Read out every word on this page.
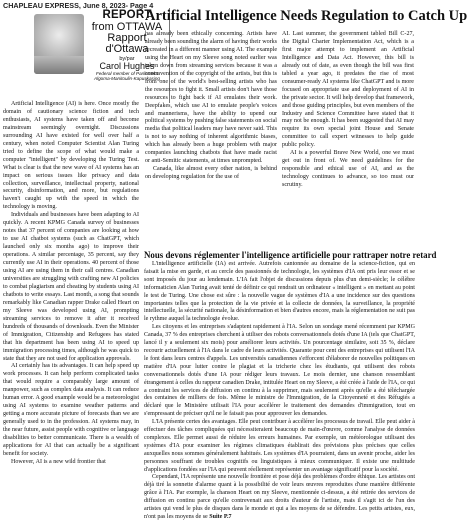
CHAPLEAU EXPRESS, June 8, 2023- Page 4
REPORT
from OTTAWA
Rapport d'Ottawa
by/par
Carol Hughes
Federal member of Parliament
Algoma-Manitoulin-Kapuskasing
Artificial Intelligence Needs Regulation to Catch Up

Artificial Intelligence (AI) is here. Once mostly the domain of cautionary science fiction and tech enthusiasts, AI systems have taken off and become mainstream seemingly overnight. Discussions surrounding AI have existed for well over half a century, when noted Computer Scientist Alan Turing tried to define the scope of what would make a computer "intelligent" by developing the Turing Test. What is clear is that the new wave of AI systems has an impact on serious issues like privacy and data collection, surveillance, intellectual property, national security, disinformation, and more, but regulations haven't caught up with the speed in which the technology is moving.

Individuals and businesses have been adapting to AI quickly. A recent KPMG Canada survey of businesses notes that 37 percent of companies are looking at how to use AI chatbot systems (such as ChatGPT, which launched only six months ago) to improve their operations. A similar percentage, 35 percent, say they currently use AI in their operations. 40 percent of those using AI are using them in their call centres. Canadian universities are struggling with crafting new AI policies to combat plagiarism and cheating by students using AI chatbots to write essays. Last month, a song that sounds remarkably like Canadian rapper Drake called Heart on my Sleeve was developed using AI, prompting streaming services to remove it after it received hundreds of thousands of downloads. Even the Minister of Immigration, Citizenship and Refugees has stated that his department has been using AI to speed up immigration processing times, although he was quick to state that they are not used for application approvals.

AI certainly has its advantages. It can help speed up work processes. It can help perform complicated tasks that would require a comparably large amount of manpower, such as complex data analysis. It can reduce human error. A good example would be a meteorologist using AI systems to examine weather patterns and getting a more accurate picture of forecasts than we are generally used to in the profession. AI systems may, in the near future, assist people with cognitive or language disabilities to better communicate. There is a wealth of applications for AI that can actually be a significant benefit for society.

However, AI is a new wild frontier that

has already been ethically concerning. Artists have already been sounding the alarm of having their works recreated in a different manner using AI. The example using the Heart on my Sleeve song noted earlier was taken down from streaming services because it was a contravention of the copyright of the artists, but this is from one of the world's best-selling artists who has the resources to fight it. Small artists don't have those resources to fight back if AI emulates their work. Deepfakes, which use AI to emulate people's voices and mannerisms, have the ability to upend our political systems by pushing false statements on social media that political leaders may have never said. This is not to say nothing of inherent algorithmic biases, which has already been a huge problem with major companies launching chatbots that have made racist or anti-Semitic statements, at times unprompted.

Canada, like almost every other nation, is behind on developing regulation for the use of

AI. Last summer, the government tabled Bill C-27, the Digital Charter Implementation Act, which is a first major attempt to implement an Artificial Intelligence and Data Act. However, this bill is already out of date, as even though the bill was first tabled a year ago, it predates the rise of most consumer-ready AI systems like ChatGPT and is more focused on appropriate use and deployment of AI in the private sector. It will help develop that framework, and those guiding principles, but even members of the Industry and Science Committee have stated that it may not be enough. It has been suggested that AI may require its own special joint House and Senate committee to call expert witnesses to help guide public policy.

AI is a powerful Brave New World, one we must get out in front of. We need guidelines for the responsible and ethical use of AI, and as the technology continues to advance, so too must our scrutiny.

Nous devons réglementer l'intelligence artificielle pour rattraper notre retard

L'intelligence artificielle (IA) est arrivée. Autrefois cantonnée au domaine de la science-fiction, qui en faisait la mise en garde, et au cercle des passionnés de technologie, les systèmes d'IA ont pris leur essor et se sont imposés du jour au lendemain. L'IA fait l'objet de discussions depuis plus d'un demi-siècle; le célèbre informaticien Alan Turing avait tenté de définir ce qui rendrait un ordinateur « intelligent » en mettant au point le test de Turing. Une chose est sûre : la nouvelle vague de systèmes d'IA a une incidence sur des questions importantes telles que la protection de la vie privée et la collecte de données, la surveillance, la propriété intellectuelle, la sécurité nationale, la désinformation et bien d'autres encore, mais la réglementation ne suit pas le rythme auquel la technologie évolue.

Les citoyens et les entreprises s'adaptent rapidement à l'IA. Selon un sondage mené récemment par KPMG Canada, 37 % des entreprises cherchent à utiliser des robots conversationnels dotés d'une IA (tels que ChatGPT, lancé il y a seulement six mois) pour améliorer leurs activités. Un pourcentage similaire, soit 35 %, déclare recourir actuellement à l'IA dans le cadre de leurs activités. Quarante pour cent des entreprises qui utilisent l'IA le font dans leurs centres d'appels. Les universités canadiennes s'efforcent d'élaborer de nouvelles politiques en matière d'IA pour lutter contre le plagiat et la tricherie chez les étudiants, qui utilisent des robots conversationnels dotés d'une IA pour rédiger leurs travaux. Le mois dernier, une chanson ressemblant étrangement à celles du rappeur canadien Drake, intitulée Heart on my Sleeve, a été créée à l'aide de l'IA, ce qui a contraint les services de diffusion en continu à la supprimer, mais seulement après qu'elle a été téléchargée des centaines de milliers de fois. Même le ministre de l'Immigration, de la Citoyenneté et des Réfugiés a déclaré que le Ministère utilisait l'IA pour accélérer le traitement des demandes d'immigration, tout en s'empressant de préciser qu'il ne le faisait pas pour approuver les demandes.

L'IA présente certes des avantages. Elle peut contribuer à accélérer les processus de travail. Elle peut aider à effectuer des tâches compliquées qui nécessiteraient beaucoup de main-d'œuvre, comme l'analyse de données complexes. Elle permet aussi de réduire les erreurs humaines. Par exemple, un météorologue utilisant des systèmes d'IA pour examiner les régimes climatiques établirait des prévisions plus précises que celles auxquelles nous sommes généralement habitués. Les systèmes d'IA pourraient, dans un avenir proche, aider les personnes souffrant de troubles cognitifs ou linguistiques à mieux communiquer. Il existe une multitude d'applications fondées sur l'IA qui peuvent réellement représenter un avantage significatif pour la société.

Cependant, l'IA représente une nouvelle frontière et pose déjà des problèmes d'ordre éthique. Les artistes ont déjà tiré la sonnette d'alarme quant à la possibilité de voir leurs œuvres reproduites d'une manière différente grâce à l'IA. Par exemple, la chanson Heart on my Sleeve, mentionnée ci-dessus, a été retirée des services de diffusion en continu parce qu'elle contrevenait aux droits d'auteur de l'artiste, mais il s'agit ici de l'un des artistes qui vend le plus de disques dans le monde et qui a les moyens de se défendre. Les petits artistes, eux, n'ont pas les moyens de se Suite P.7
